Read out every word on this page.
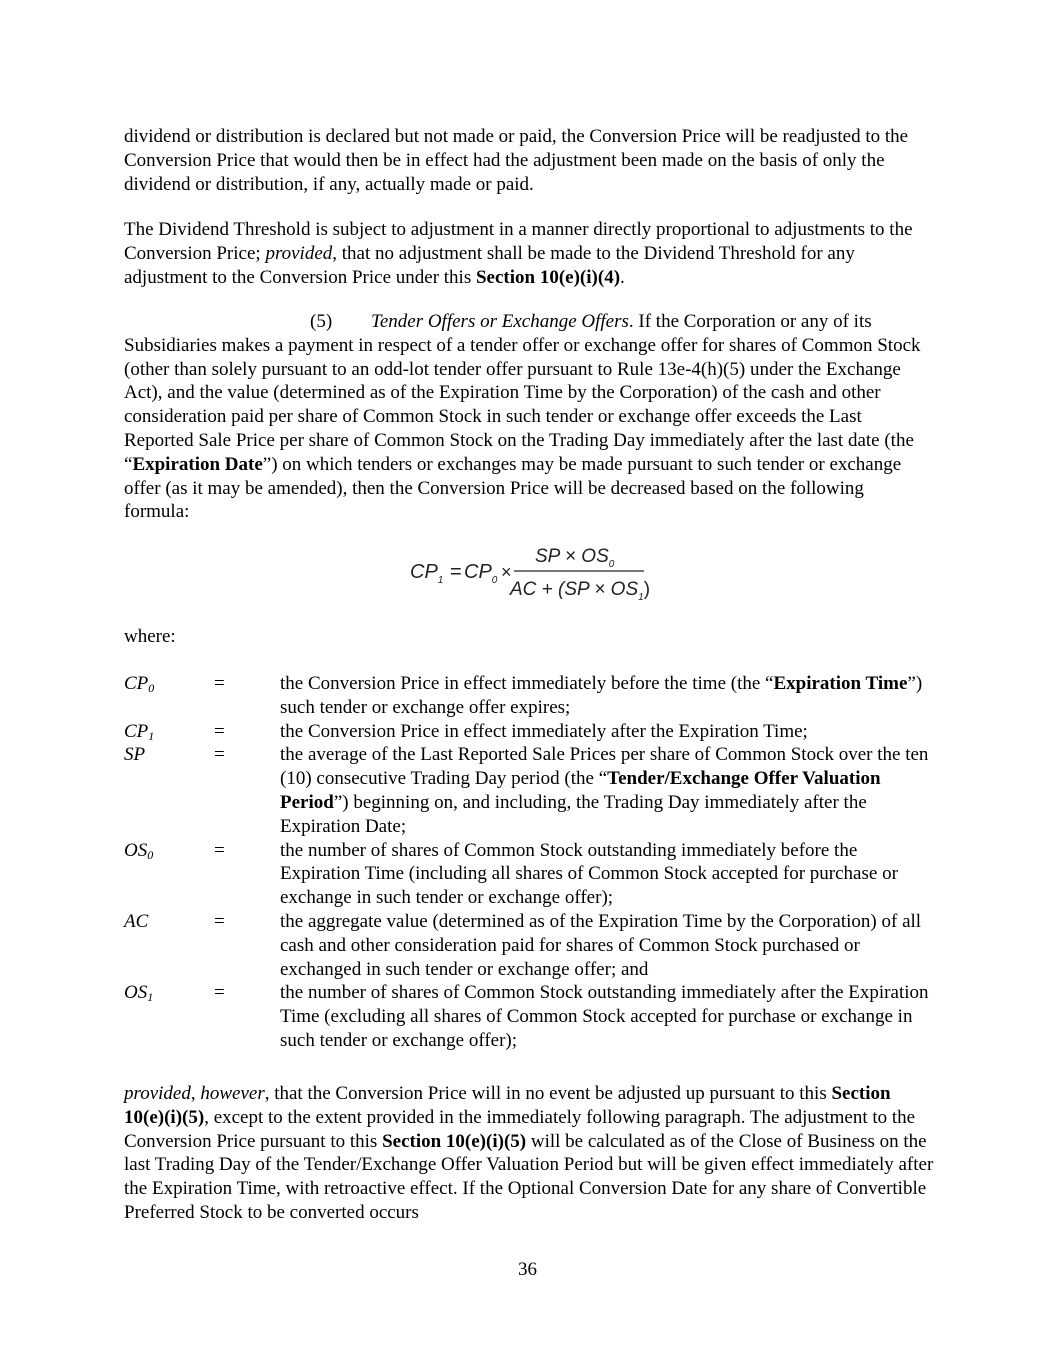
dividend or distribution is declared but not made or paid, the Conversion Price will be readjusted to the Conversion Price that would then be in effect had the adjustment been made on the basis of only the dividend or distribution, if any, actually made or paid.

The Dividend Threshold is subject to adjustment in a manner directly proportional to adjustments to the Conversion Price; provided, that no adjustment shall be made to the Dividend Threshold for any adjustment to the Conversion Price under this Section 10(e)(i)(4).

(5) Tender Offers or Exchange Offers. If the Corporation or any of its Subsidiaries makes a payment in respect of a tender offer or exchange offer for shares of Common Stock (other than solely pursuant to an odd-lot tender offer pursuant to Rule 13e-4(h)(5) under the Exchange Act), and the value (determined as of the Expiration Time by the Corporation) of the cash and other consideration paid per share of Common Stock in such tender or exchange offer exceeds the Last Reported Sale Price per share of Common Stock on the Trading Day immediately after the last date (the “Expiration Date”) on which tenders or exchanges may be made pursuant to such tender or exchange offer (as it may be amended), then the Conversion Price will be decreased based on the following formula:

$CP_1 = CP_0$ ×
SP × $OS_0$
AC + $(SP \times OS_1)$
where:
$CP_0$	=	the Conversion Price in effect immediately before the time (the “Expiration Time”) such tender or exchange offer expires;
$CP_1$	=	the Conversion Price in effect immediately after the Expiration Time;
SP	=	the average of the Last Reported Sale Prices per share of Common Stock over the ten (10) consecutive Trading Day period (the “Tender/Exchange Offer Valuation Period”) beginning on, and including, the Trading Day immediately after the Expiration Date;
$OS_0$	=	the number of shares of Common Stock outstanding immediately before the Expiration Time (including all shares of Common Stock accepted for purchase or exchange in such tender or exchange offer);
AC	=	the aggregate value (determined as of the Expiration Time by the Corporation) of all cash and other consideration paid for shares of Common Stock purchased or exchanged in such tender or exchange offer; and
$OS_1$	=	the number of shares of Common Stock outstanding immediately after the Expiration Time (excluding all shares of Common Stock accepted for purchase or exchange in such tender or exchange offer);

provided, however, that the Conversion Price will in no event be adjusted up pursuant to this Section 10(e)(i)(5), except to the extent provided in the immediately following paragraph. The adjustment to the Conversion Price pursuant to this Section 10(e)(i)(5) will be calculated as of the Close of Business on the last Trading Day of the Tender/Exchange Offer Valuation Period but will be given effect immediately after the Expiration Time, with retroactive effect. If the Optional Conversion Date for any share of Convertible Preferred Stock to be converted occurs

36
